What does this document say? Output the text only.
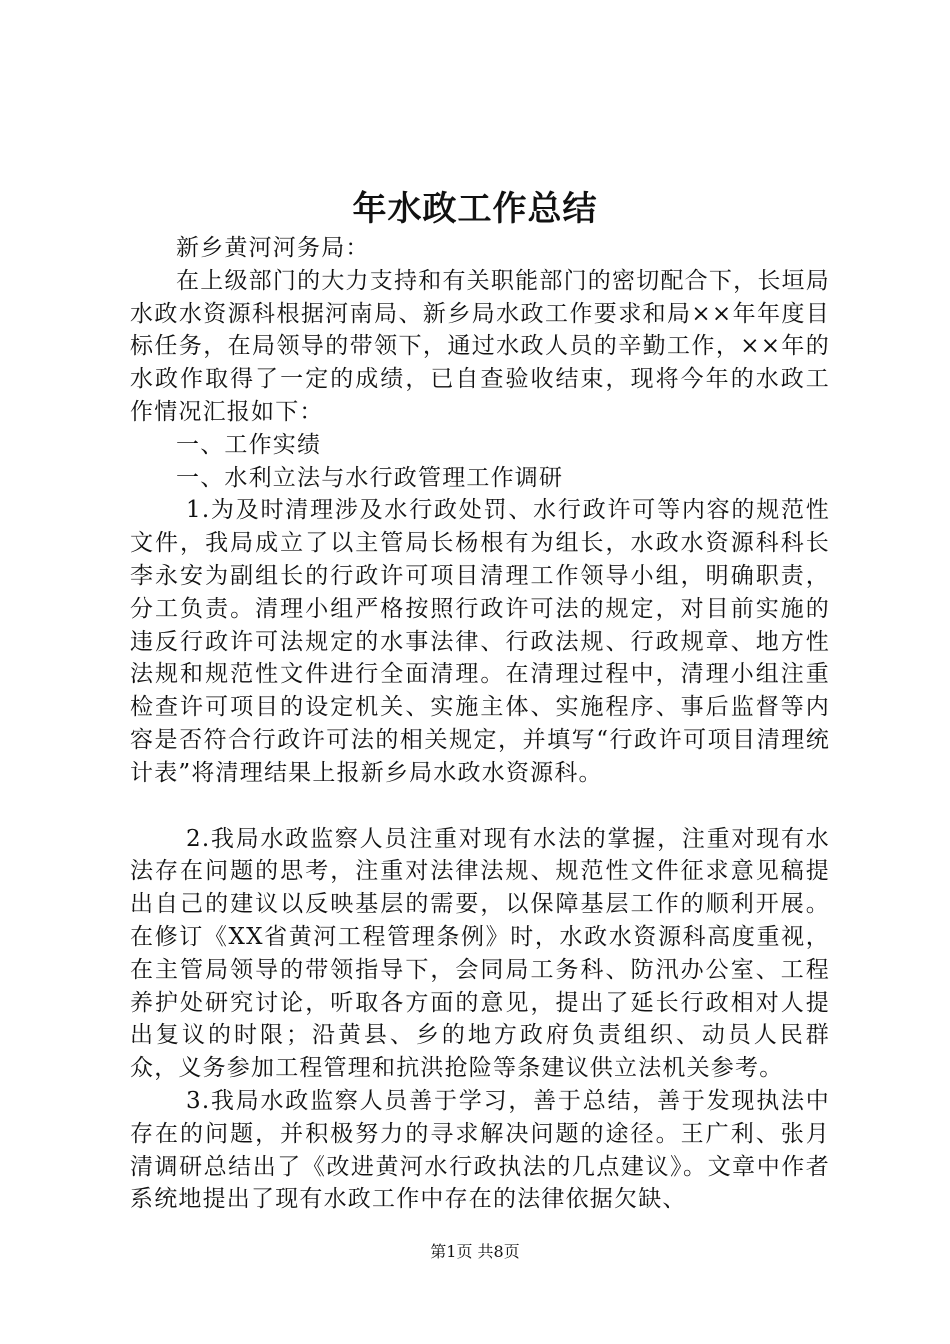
年水政工作总结

新乡黄河河务局：

在上级部门的大力支持和有关职能部门的密切配合下，长垣局水政水资源科根据河南局、新乡局水政工作要求和局××年年度目标任务，在局领导的带领下，通过水政人员的辛勤工作，××年的水政作取得了一定的成绩，已自查验收结束，现将今年的水政工作情况汇报如下：

一、工作实绩

一、水利立法与水行政管理工作调研

1.为及时清理涉及水行政处罚、水行政许可等内容的规范性文件，我局成立了以主管局长杨根有为组长，水政水资源科科长李永安为副组长的行政许可项目清理工作领导小组，明确职责，分工负责。清理小组严格按照行政许可法的规定，对目前实施的违反行政许可法规定的水事法律、行政法规、行政规章、地方性法规和规范性文件进行全面清理。在清理过程中，清理小组注重检查许可项目的设定机关、实施主体、实施程序、事后监督等内容是否符合行政许可法的相关规定，并填写“行政许可项目清理统计表”将清理结果上报新乡局水政水资源科。

2.我局水政监察人员注重对现有水法的掌握，注重对现有水法存在问题的思考，注重对法律法规、规范性文件征求意见稿提出自己的建议以反映基层的需要，以保障基层工作的顺利开展。在修订《XX省黄河工程管理条例》时，水政水资源科高度重视，在主管局领导的带领指导下，会同局工务科、防汛办公室、工程养护处研究讨论，听取各方面的意见，提出了延长行政相对人提出复议的时限；沿黄县、乡的地方政府负责组织、动员人民群众，义务参加工程管理和抗洪抢险等条建议供立法机关参考。

3.我局水政监察人员善于学习，善于总结，善于发现执法中存在的问题，并积极努力的寻求解决问题的途径。王广利、张月清调研总结出了《改进黄河水行政执法的几点建议》。文章中作者系统地提出了现有水政工作中存在的法律依据欠缺、

第1页 共8页
